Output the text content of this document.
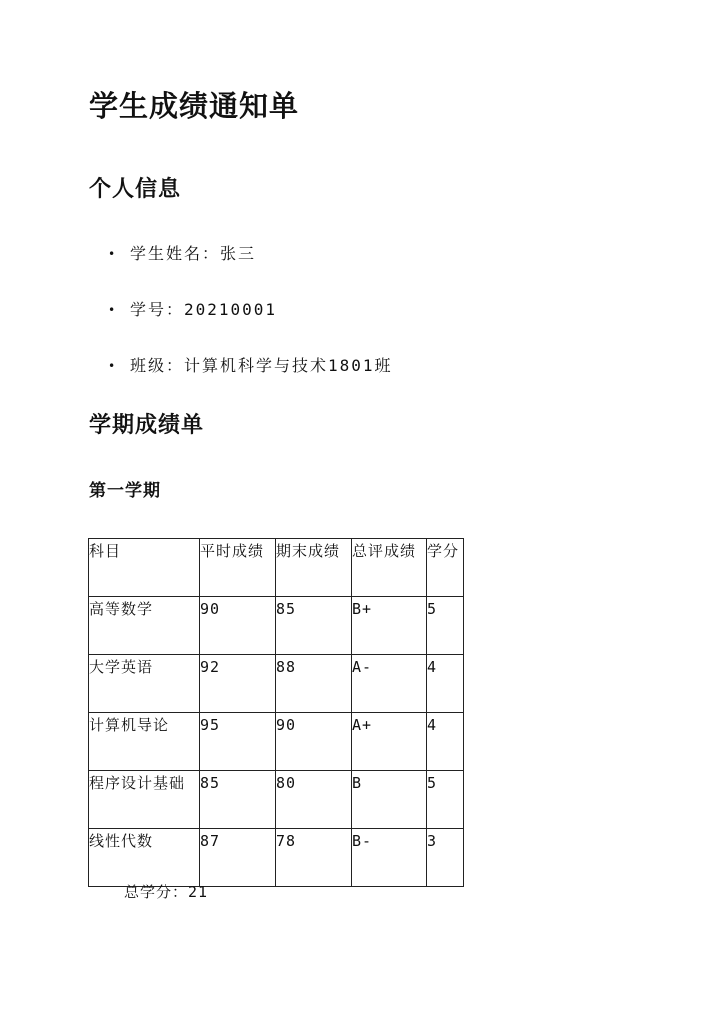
学生成绩通知单
个人信息
• 学生姓名：张三
• 学号：20210001
• 班级：计算机科学与技术1801班
学期成绩单
第一学期
科目	平时成绩	期末成绩	总评成绩	学分
高等数学	90	85	B+	5
大学英语	92	88	A-	4
计算机导论	95	90	A+	4
程序设计基础	85	80	B	5
线性代数	87	78	B-	3
总学分：21
